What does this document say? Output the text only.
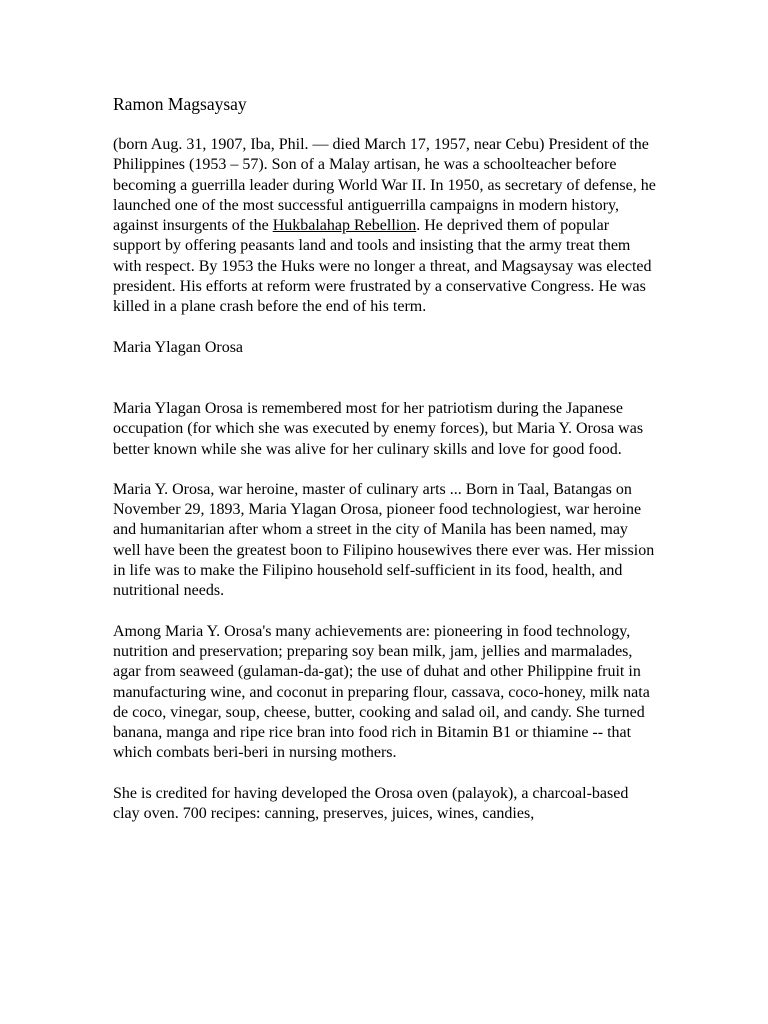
Ramon Magsaysay
(born Aug. 31, 1907, Iba, Phil. — died March 17, 1957, near Cebu) President of the Philippines (1953 – 57). Son of a Malay artisan, he was a schoolteacher before becoming a guerrilla leader during World War II. In 1950, as secretary of defense, he launched one of the most successful antiguerrilla campaigns in modern history, against insurgents of the Hukbalahap Rebellion. He deprived them of popular support by offering peasants land and tools and insisting that the army treat them with respect. By 1953 the Huks were no longer a threat, and Magsaysay was elected president. His efforts at reform were frustrated by a conservative Congress. He was killed in a plane crash before the end of his term.
Maria Ylagan Orosa
Maria Ylagan Orosa is remembered most for her patriotism during the Japanese occupation (for which she was executed by enemy forces), but Maria Y. Orosa was better known while she was alive for her culinary skills and love for good food.
Maria Y. Orosa, war heroine, master of culinary arts ... Born in Taal, Batangas on November 29, 1893, Maria Ylagan Orosa, pioneer food technologiest, war heroine and humanitarian after whom a street in the city of Manila has been named, may well have been the greatest boon to Filipino housewives there ever was. Her mission in life was to make the Filipino household self-sufficient in its food, health, and nutritional needs.
Among Maria Y. Orosa's many achievements are: pioneering in food technology, nutrition and preservation; preparing soy bean milk, jam, jellies and marmalades, agar from seaweed (gulaman-da-gat); the use of duhat and other Philippine fruit in manufacturing wine, and coconut in preparing flour, cassava, coco-honey, milk nata de coco, vinegar, soup, cheese, butter, cooking and salad oil, and candy. She turned banana, manga and ripe rice bran into food rich in Bitamin B1 or thiamine -- that which combats beri-beri in nursing mothers.
She is credited for having developed the Orosa oven (palayok), a charcoal-based clay oven. 700 recipes: canning, preserves, juices, wines, candies,
